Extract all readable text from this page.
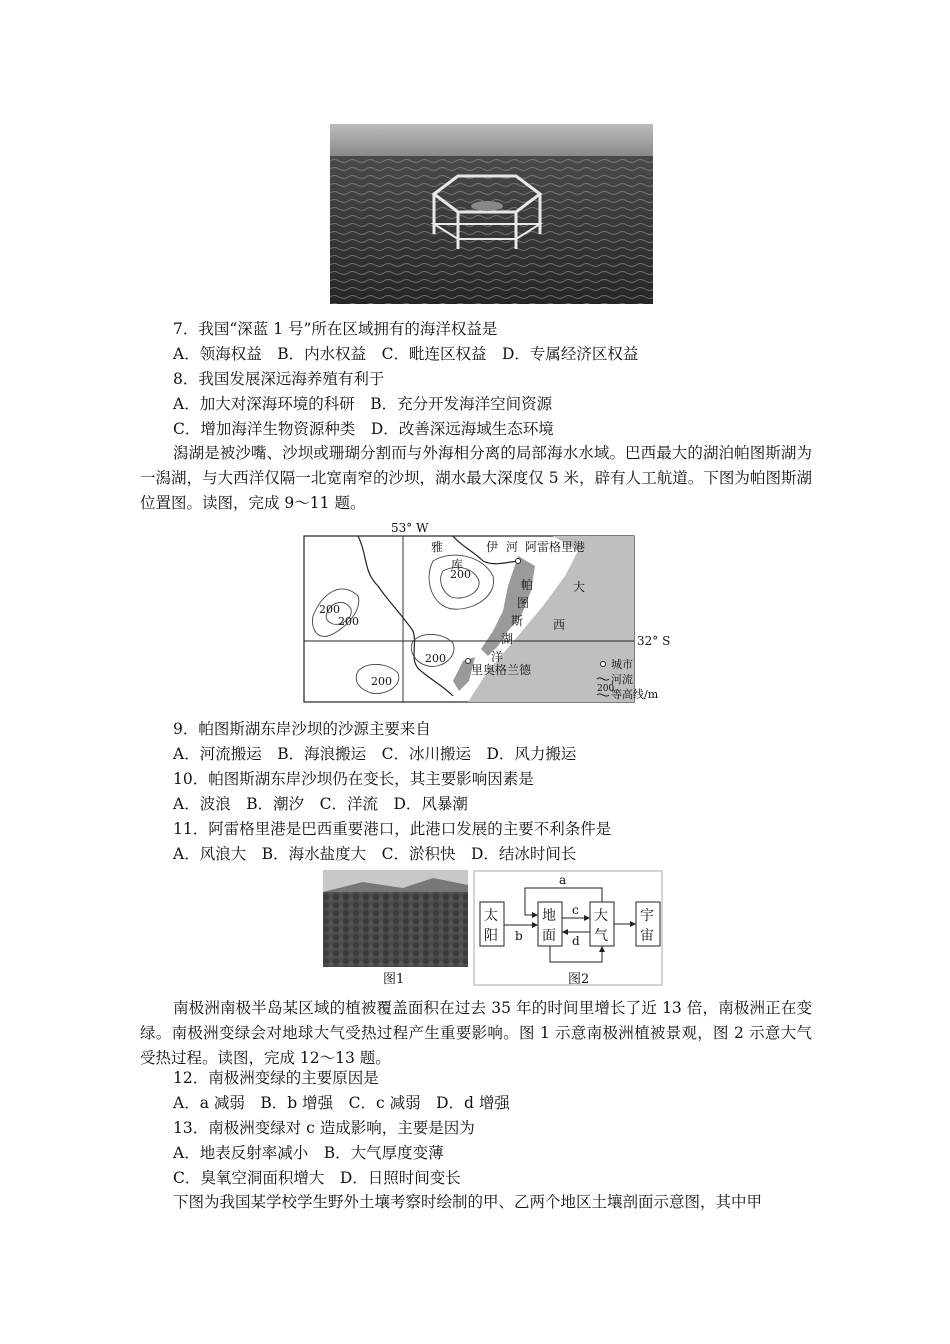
7．我国“深蓝 1 号”所在区域拥有的海洋权益是
A．领海权益　B．内水权益　C．毗连区权益　D．专属经济区权益
8．我国发展深远海养殖有利于
A．加大对深海环境的科研　B．充分开发海洋空间资源
C．增加海洋生物资源种类　D．改善深远海域生态环境
潟湖是被沙嘴、沙坝或珊瑚分割而与外海相分离的局部海水水域。巴西最大的湖泊帕图斯湖为一潟湖，与大西洋仅隔一北宽南窄的沙坝，湖水最大深度仅 5 米，辟有人工航道。下图为帕图斯湖位置图。读图，完成 9～11 题。
53° W
32° S
雅
库
伊 河 阿雷格里港
帕
图
斯
湖
大
西
洋
里奥格兰德
200
200
200
200
200
城市
河流
200
等高线/m
9．帕图斯湖东岸沙坝的沙源主要来自
A．河流搬运　B．海浪搬运　C．冰川搬运　D．风力搬运
10．帕图斯湖东岸沙坝仍在变长，其主要影响因素是
A．波浪　B．潮汐　C．洋流　D．风暴潮
11．阿雷格里港是巴西重要港口，此港口发展的主要不利条件是
A．风浪大　B．海水盐度大　C．淤积快　D．结冰时间长
图1
太
阳
地
面
大
气
宇
宙
a
b
c
d
图2
南极洲南极半岛某区域的植被覆盖面积在过去 35 年的时间里增长了近 13 倍，南极洲正在变绿。南极洲变绿会对地球大气受热过程产生重要影响。图 1 示意南极洲植被景观，图 2 示意大气受热过程。读图，完成 12～13 题。
12．南极洲变绿的主要原因是
A．a 减弱　B．b 增强　C．c 减弱　D．d 增强
13．南极洲变绿对 c 造成影响，主要是因为
A．地表反射率减小　B．大气厚度变薄
C．臭氧空洞面积增大　D．日照时间变长
下图为我国某学校学生野外土壤考察时绘制的甲、乙两个地区土壤剖面示意图，其中甲
